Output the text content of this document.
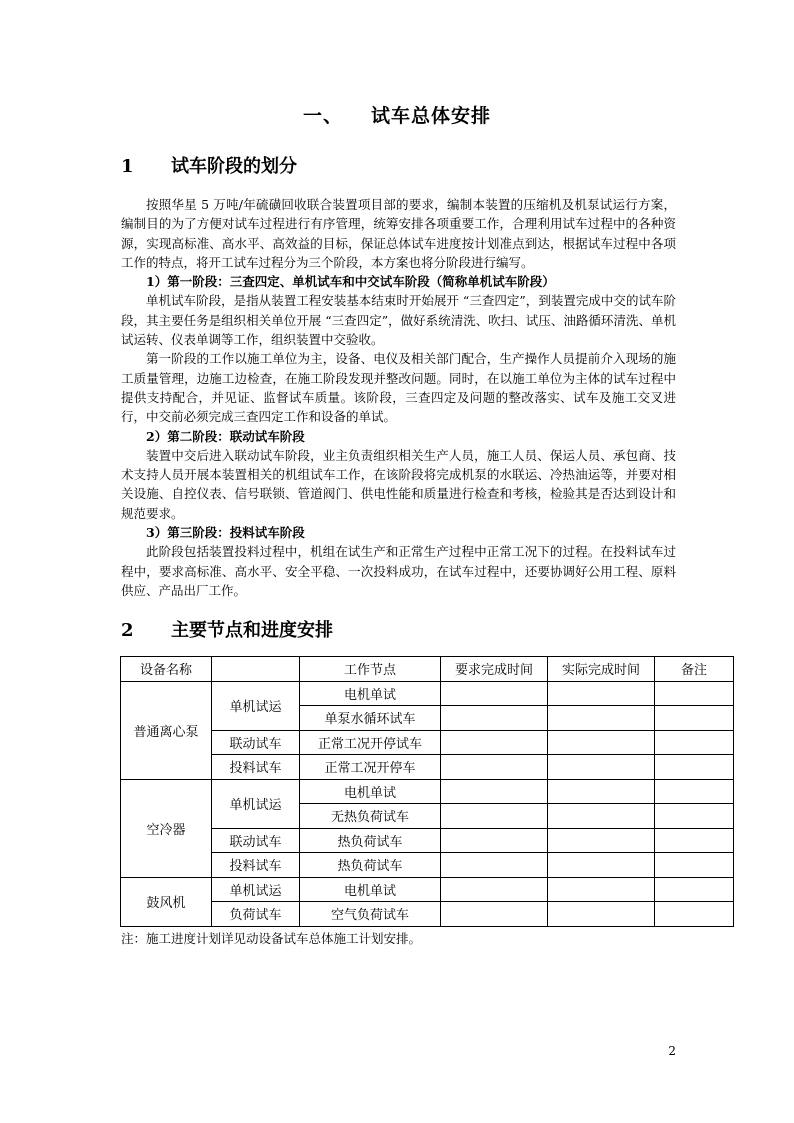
一、 试车总体安排
1 试车阶段的划分

按照华星 5 万吨/年硫磺回收联合装置项目部的要求，编制本装置的压缩机及机泵试运行方案，编制目的为了方便对试车过程进行有序管理，统筹安排各项重要工作，合理利用试车过程中的各种资源，实现高标准、高水平、高效益的目标，保证总体试车进度按计划准点到达，根据试车过程中各项工作的特点，将开工试车过程分为三个阶段，本方案也将分阶段进行编写。

1）第一阶段：三查四定、单机试车和中交试车阶段（简称单机试车阶段）

单机试车阶段，是指从装置工程安装基本结束时开始展开 “三查四定”，到装置完成中交的试车阶段，其主要任务是组织相关单位开展 “三查四定”，做好系统清洗、吹扫、试压、油路循环清洗、单机试运转、仪表单调等工作，组织装置中交验收。

第一阶段的工作以施工单位为主，设备、电仪及相关部门配合，生产操作人员提前介入现场的施工质量管理，边施工边检查，在施工阶段发现并整改问题。同时，在以施工单位为主体的试车过程中提供支持配合，并见证、监督试车质量。该阶段，三查四定及问题的整改落实、试车及施工交叉进行，中交前必须完成三查四定工作和设备的单试。

2）第二阶段：联动试车阶段

装置中交后进入联动试车阶段，业主负责组织相关生产人员，施工人员、保运人员、承包商、技术支持人员开展本装置相关的机组试车工作，在该阶段将完成机泵的水联运、冷热油运等，并要对相关设施、自控仪表、信号联锁、管道阀门、供电性能和质量进行检查和考核，检验其是否达到设计和规范要求。

3）第三阶段：投料试车阶段

此阶段包括装置投料过程中，机组在试生产和正常生产过程中正常工况下的过程。在投料试车过程中，要求高标准、高水平、安全平稳、一次投料成功，在试车过程中，还要协调好公用工程、原料供应、产品出厂工作。

2 主要节点和进度安排
设备名称		工作节点	要求完成时间	实际完成时间	备注
普通离心泵	单机试运	电机单试			
		单泵水循环试车			
	联动试车	正常工况开停试车			
	投料试车	正常工况开停车			
空冷器	单机试运	电机单试			
		无热负荷试车			
	联动试车	热负荷试车			
	投料试车	热负荷试车			
鼓风机	单机试运	电机单试			
	负荷试车	空气负荷试车			
注：施工进度计划详见动设备试车总体施工计划安排。
2
